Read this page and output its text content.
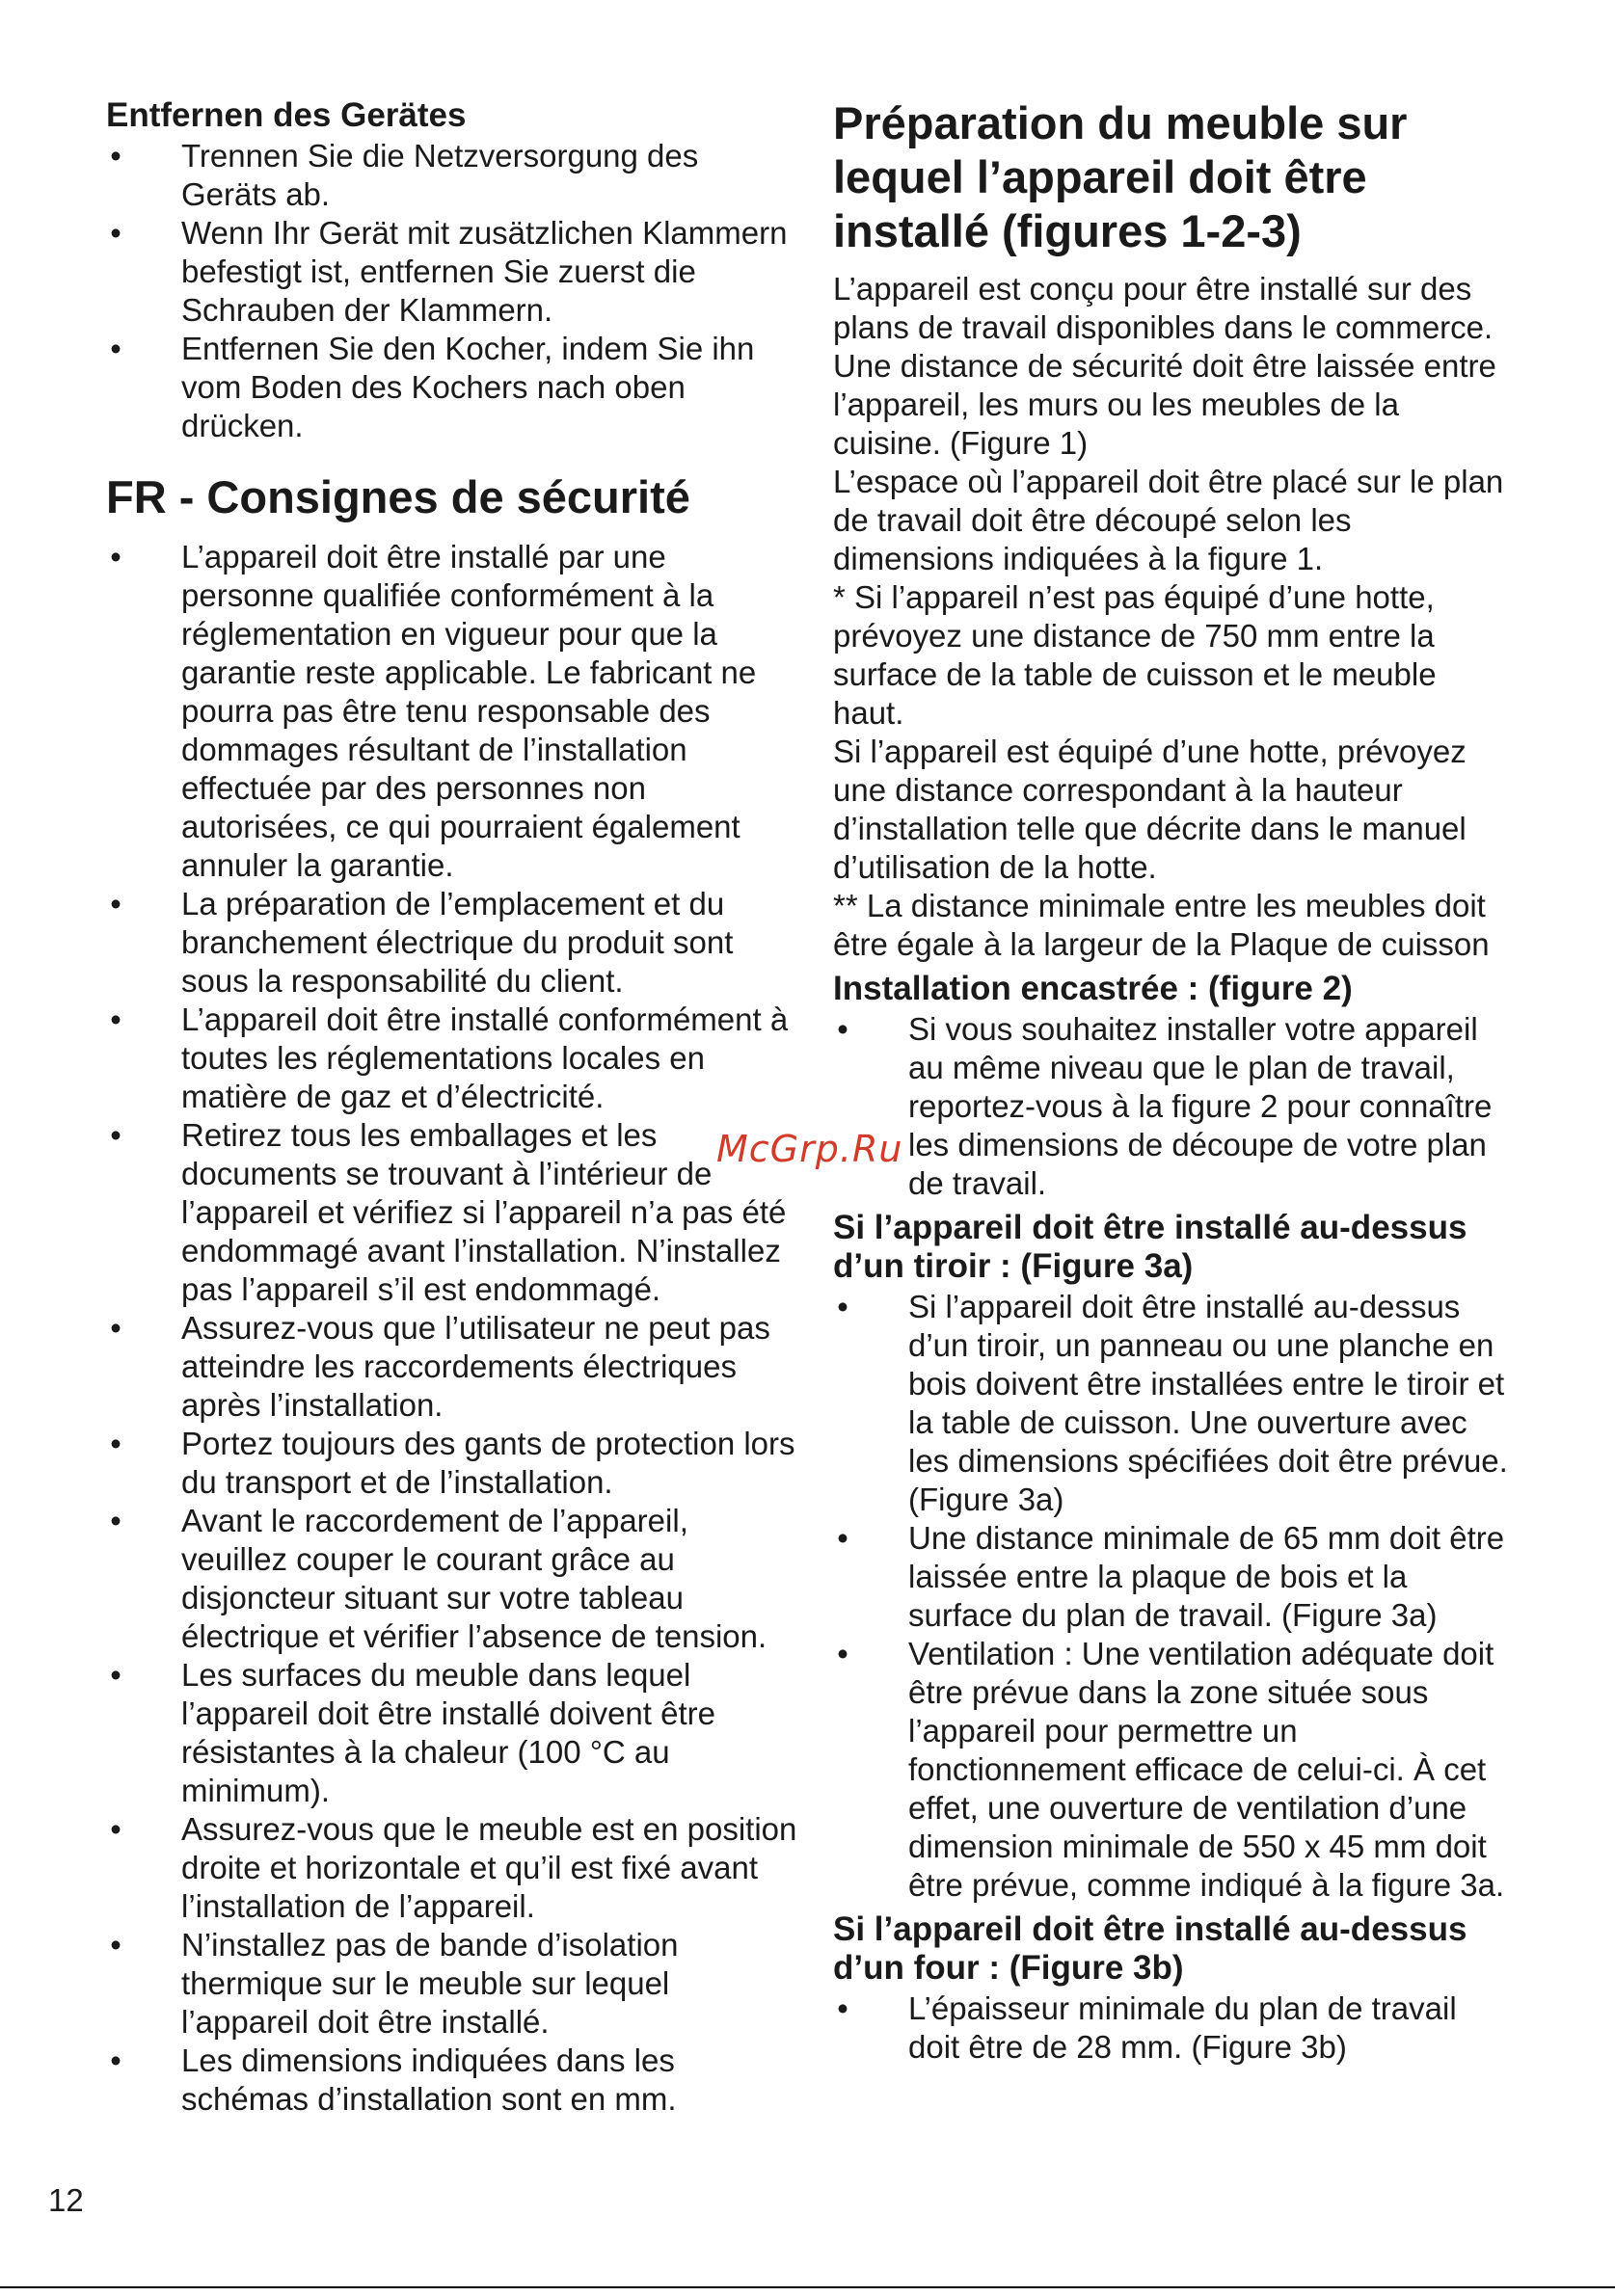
Entfernen des Gerätes
• Trennen Sie die Netzversorgung des Geräts ab.
• Wenn Ihr Gerät mit zusätzlichen Klammern befestigt ist, entfernen Sie zuerst die Schrauben der Klammern.
• Entfernen Sie den Kocher, indem Sie ihn vom Boden des Kochers nach oben drücken.
FR - Consignes de sécurité
• L’appareil doit être installé par une personne qualifiée conformément à la réglementation en vigueur pour que la garantie reste applicable. Le fabricant ne pourra pas être tenu responsable des dommages résultant de l’installation effectuée par des personnes non autorisées, ce qui pourraient également annuler la garantie.
• La préparation de l’emplacement et du branchement électrique du produit sont sous la responsabilité du client.
• L’appareil doit être installé conformément à toutes les réglementations locales en matière de gaz et d’électricité.
• Retirez tous les emballages et les documents se trouvant à l’intérieur de l’appareil et vérifiez si l’appareil n’a pas été endommagé avant l’installation. N’installez pas l’appareil s’il est endommagé.
• Assurez-vous que l’utilisateur ne peut pas atteindre les raccordements électriques après l’installation.
• Portez toujours des gants de protection lors du transport et de l’installation.
• Avant le raccordement de l’appareil, veuillez couper le courant grâce au disjoncteur situant sur votre tableau électrique et vérifier l’absence de tension.
• Les surfaces du meuble dans lequel l’appareil doit être installé doivent être résistantes à la chaleur (100 °C au minimum).
• Assurez-vous que le meuble est en position droite et horizontale et qu’il est fixé avant l’installation de l’appareil.
• N’installez pas de bande d’isolation thermique sur le meuble sur lequel l’appareil doit être installé.
• Les dimensions indiquées dans les schémas d’installation sont en mm.
Préparation du meuble sur lequel l’appareil doit être installé (figures 1-2-3)

L’appareil est conçu pour être installé sur des plans de travail disponibles dans le commerce. Une distance de sécurité doit être laissée entre l’appareil, les murs ou les meubles de la cuisine. (Figure 1)

L’espace où l’appareil doit être placé sur le plan de travail doit être découpé selon les dimensions indiquées à la figure 1.

* Si l’appareil n’est pas équipé d’une hotte, prévoyez une distance de 750 mm entre la surface de la table de cuisson et le meuble haut.

Si l’appareil est équipé d’une hotte, prévoyez une distance correspondant à la hauteur d’installation telle que décrite dans le manuel d’utilisation de la hotte.

** La distance minimale entre les meubles doit être égale à la largeur de la Plaque de cuisson

Installation encastrée : (figure 2)
• Si vous souhaitez installer votre appareil au même niveau que le plan de travail, reportez-vous à la figure 2 pour connaître les dimensions de découpe de votre plan de travail.
Si l’appareil doit être installé au-dessus d’un tiroir : (Figure 3a)
• Si l’appareil doit être installé au-dessus d’un tiroir, un panneau ou une planche en bois doivent être installées entre le tiroir et la table de cuisson. Une ouverture avec les dimensions spécifiées doit être prévue. (Figure 3a)
• Une distance minimale de 65 mm doit être laissée entre la plaque de bois et la surface du plan de travail. (Figure 3a)
• Ventilation : Une ventilation adéquate doit être prévue dans la zone située sous l’appareil pour permettre un fonctionnement efficace de celui-ci. À cet effet, une ouverture de ventilation d’une dimension minimale de 550 x 45 mm doit être prévue, comme indiqué à la figure 3a.
Si l’appareil doit être installé au-dessus d’un four : (Figure 3b)
• L’épaisseur minimale du plan de travail doit être de 28 mm. (Figure 3b)
McGrp.Ru
12
